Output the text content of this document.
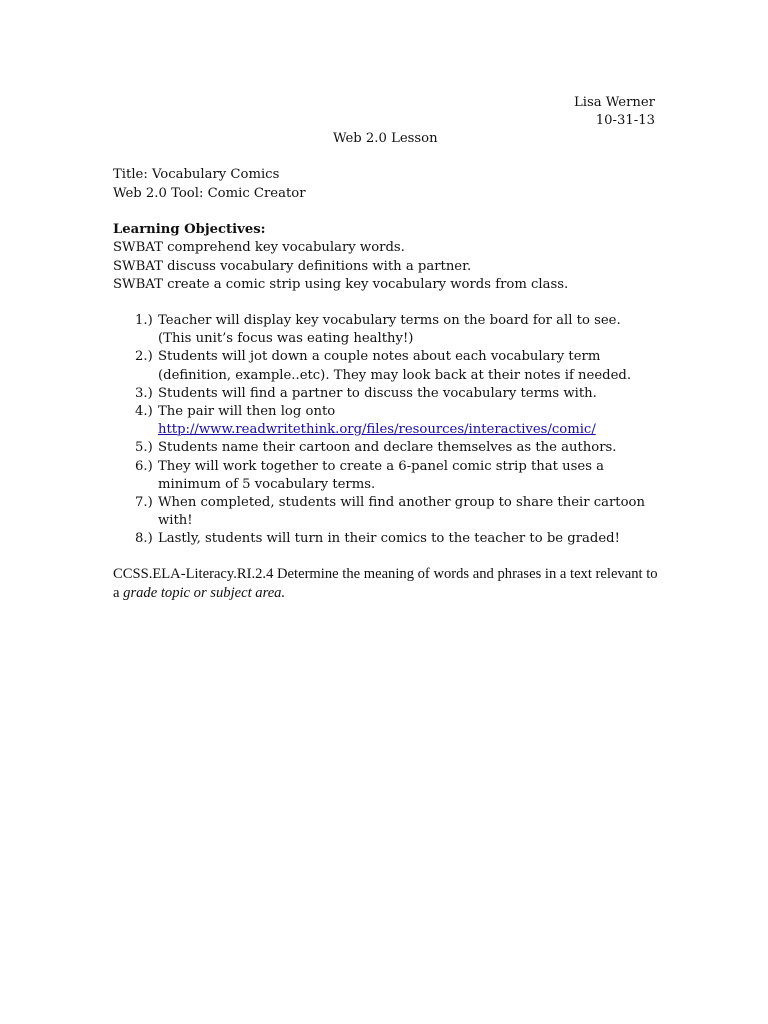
Lisa Werner
10-31-13
Web 2.0 Lesson
Title: Vocabulary Comics
Web 2.0 Tool: Comic Creator
Learning Objectives:
SWBAT comprehend key vocabulary words.
SWBAT discuss vocabulary definitions with a partner.
SWBAT create a comic strip using key vocabulary words from class.
1.) Teacher will display key vocabulary terms on the board for all to see. (This unit’s focus was eating healthy!)
2.) Students will jot down a couple notes about each vocabulary term (definition, example..etc). They may look back at their notes if needed.
3.) Students will find a partner to discuss the vocabulary terms with.
4.) The pair will then log onto
http://www.readwritethink.org/files/resources/interactives/comic/
5.) Students name their cartoon and declare themselves as the authors.
6.) They will work together to create a 6-panel comic strip that uses a minimum of 5 vocabulary terms.
7.) When completed, students will find another group to share their cartoon with!
8.) Lastly, students will turn in their comics to the teacher to be graded!
CCSS.ELA-Literacy.RI.2.4 Determine the meaning of words and phrases in a text relevant to a grade topic or subject area.
